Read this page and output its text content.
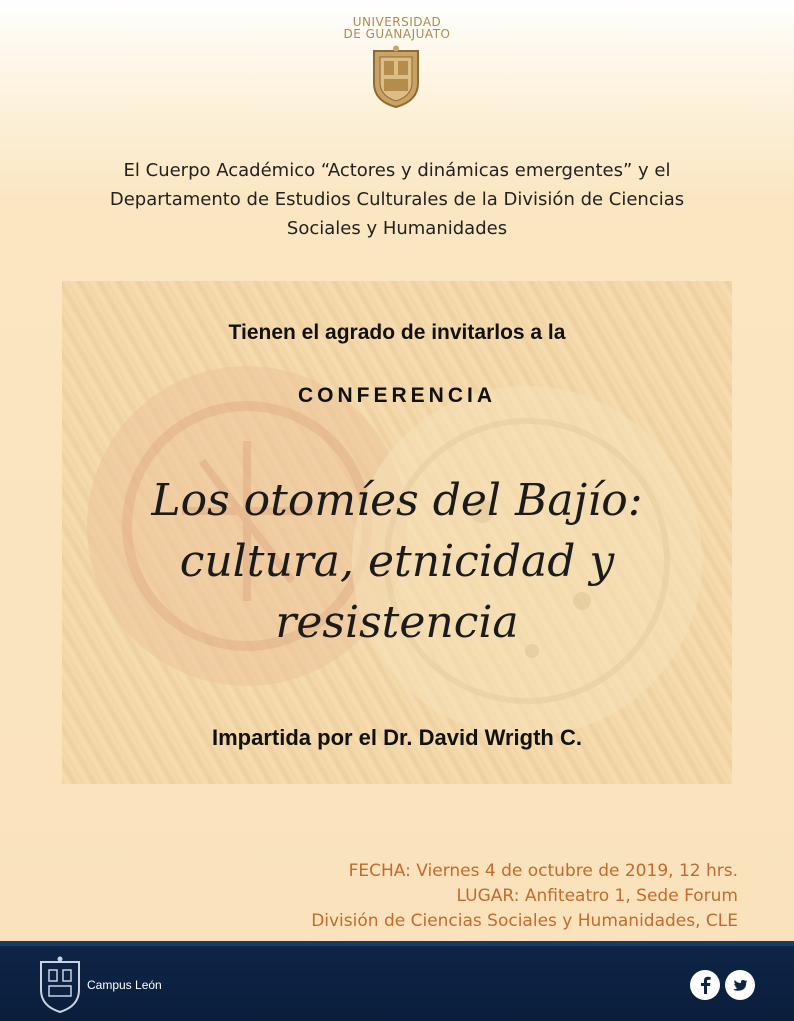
UNIVERSIDAD DE GUANAJUATO
El Cuerpo Académico “Actores y dinámicas emergentes” y el
Departamento de Estudios Culturales de la División de Ciencias
Sociales y Humanidades
Tienen el agrado de invitarlos a la
CONFERENCIA
Los otomíes del Bajío:
cultura, etnicidad y
resistencia
Impartida por el Dr. David Wrigth C.
FECHA: Viernes 4 de octubre de 2019, 12 hrs.
LUGAR: Anfiteatro 1, Sede Forum
División de Ciencias Sociales y Humanidades, CLE
Campus León
